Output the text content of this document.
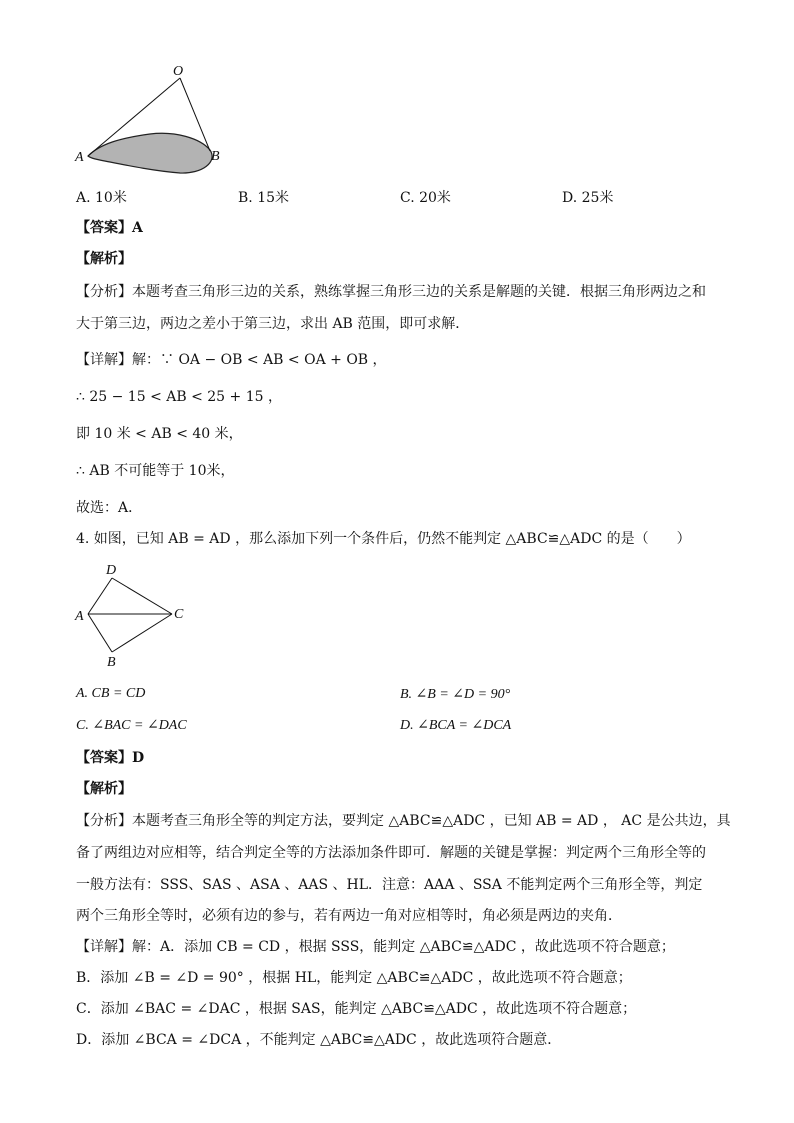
O
A	B
A. 10米	B. 15米	C. 20米	D. 25米
【答案】A
【解析】
【分析】本题考查三角形三边的关系，熟练掌握三角形三边的关系是解题的关键．根据三角形两边之和
大于第三边，两边之差小于第三边，求出 AB 范围，即可求解．
【详解】解：∵ OA − OB < AB < OA + OB ，
∴ 25 − 15 < AB < 25 + 15 ，
即 10 米 < AB < 40 米，
∴ AB 不可能等于 10米，
故选：A．
4. 如图，已知 AB = AD ，那么添加下列一个条件后，仍然不能判定 △ABC≌△ADC 的是（　　）
D
A	C
B
A. CB = CD	B. ∠B = ∠D = 90°
C. ∠BAC = ∠DAC	D. ∠BCA = ∠DCA
【答案】D
【解析】
【分析】本题考查三角形全等的判定方法，要判定 △ABC≌△ADC ，已知 AB = AD ， AC 是公共边，具
备了两组边对应相等，结合判定全等的方法添加条件即可．解题的关键是掌握：判定两个三角形全等的
一般方法有：SSS、SAS 、ASA 、AAS 、HL．注意：AAA 、SSA 不能判定两个三角形全等，判定
两个三角形全等时，必须有边的参与，若有两边一角对应相等时，角必须是两边的夹角．
【详解】解：A．添加 CB = CD ，根据 SSS，能判定 △ABC≌△ADC ，故此选项不符合题意；
B．添加 ∠B = ∠D = 90° ，根据 HL，能判定 △ABC≌△ADC ，故此选项不符合题意；
C．添加 ∠BAC = ∠DAC ，根据 SAS，能判定 △ABC≌△ADC ，故此选项不符合题意；
D．添加 ∠BCA = ∠DCA ，不能判定 △ABC≌△ADC ，故此选项符合题意．
